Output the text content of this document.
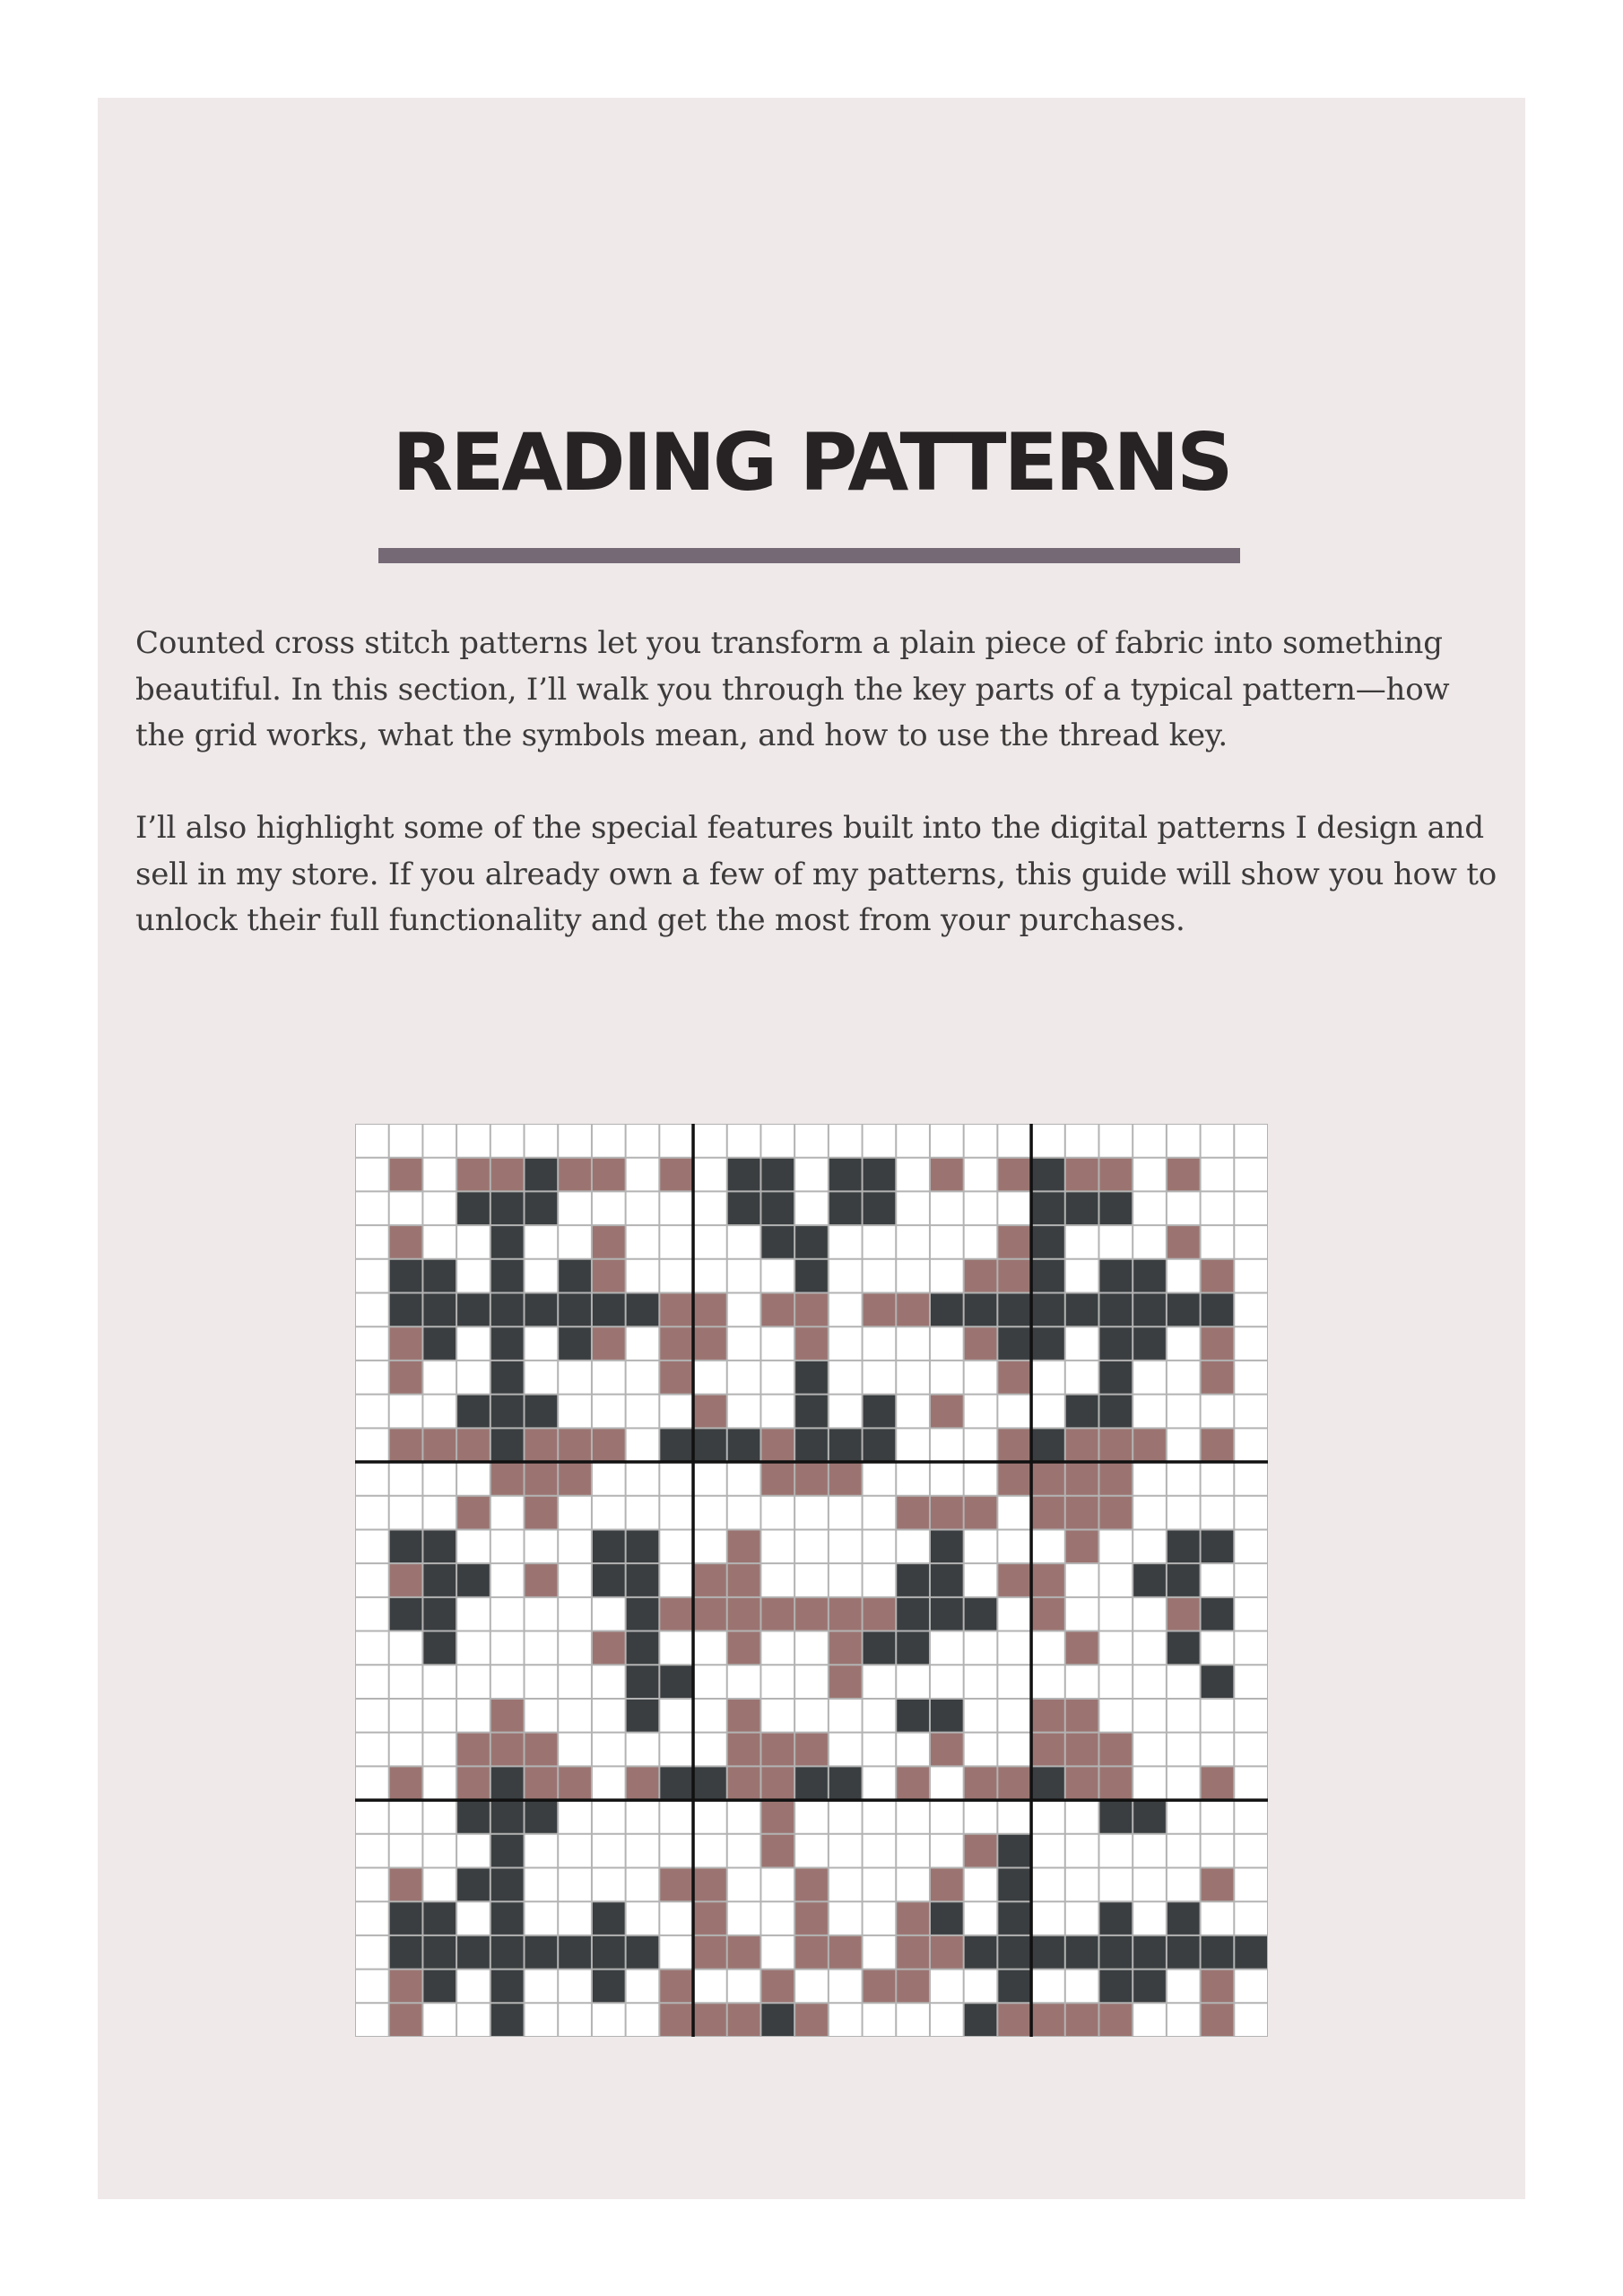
READING PATTERNS

Counted cross stitch patterns let you transform a plain piece of fabric into something beautiful. In this section, I’ll walk you through the key parts of a typical pattern—how the grid works, what the symbols mean, and how to use the thread key.

I’ll also highlight some of the special features built into the digital patterns I design and sell in my store. If you already own a few of my patterns, this guide will show you how to unlock their full functionality and get the most from your purchases.
